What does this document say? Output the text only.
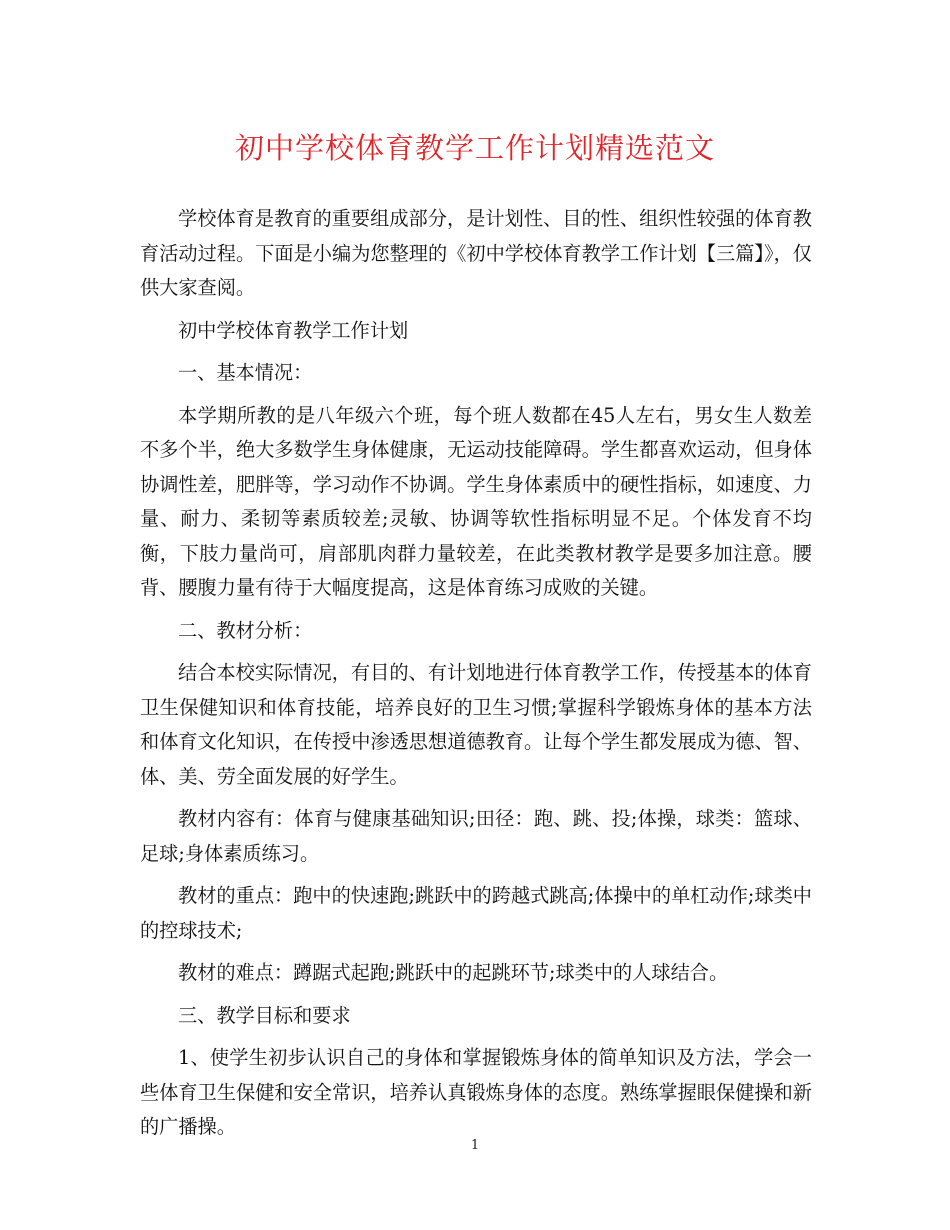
初中学校体育教学工作计划精选范文

学校体育是教育的重要组成部分，是计划性、目的性、组织性较强的体育教育活动过程。下面是小编为您整理的《初中学校体育教学工作计划【三篇】》，仅供大家查阅。

初中学校体育教学工作计划

一、基本情况：

本学期所教的是八年级六个班，每个班人数都在45人左右，男女生人数差不多个半，绝大多数学生身体健康，无运动技能障碍。学生都喜欢运动，但身体协调性差，肥胖等，学习动作不协调。学生身体素质中的硬性指标，如速度、力量、耐力、柔韧等素质较差;灵敏、协调等软性指标明显不足。个体发育不均衡，下肢力量尚可，肩部肌肉群力量较差，在此类教材教学是要多加注意。腰背、腰腹力量有待于大幅度提高，这是体育练习成败的关键。

二、教材分析：

结合本校实际情况，有目的、有计划地进行体育教学工作，传授基本的体育卫生保健知识和体育技能，培养良好的卫生习惯;掌握科学锻炼身体的基本方法和体育文化知识，在传授中渗透思想道德教育。让每个学生都发展成为德、智、体、美、劳全面发展的好学生。

教材内容有：体育与健康基础知识;田径：跑、跳、投;体操，球类：篮球、足球;身体素质练习。

教材的重点：跑中的快速跑;跳跃中的跨越式跳高;体操中的单杠动作;球类中的控球技术;

教材的难点：蹲踞式起跑;跳跃中的起跳环节;球类中的人球结合。

三、教学目标和要求

1、使学生初步认识自己的身体和掌握锻炼身体的简单知识及方法，学会一些体育卫生保健和安全常识，培养认真锻炼身体的态度。熟练掌握眼保健操和新的广播操。

1
